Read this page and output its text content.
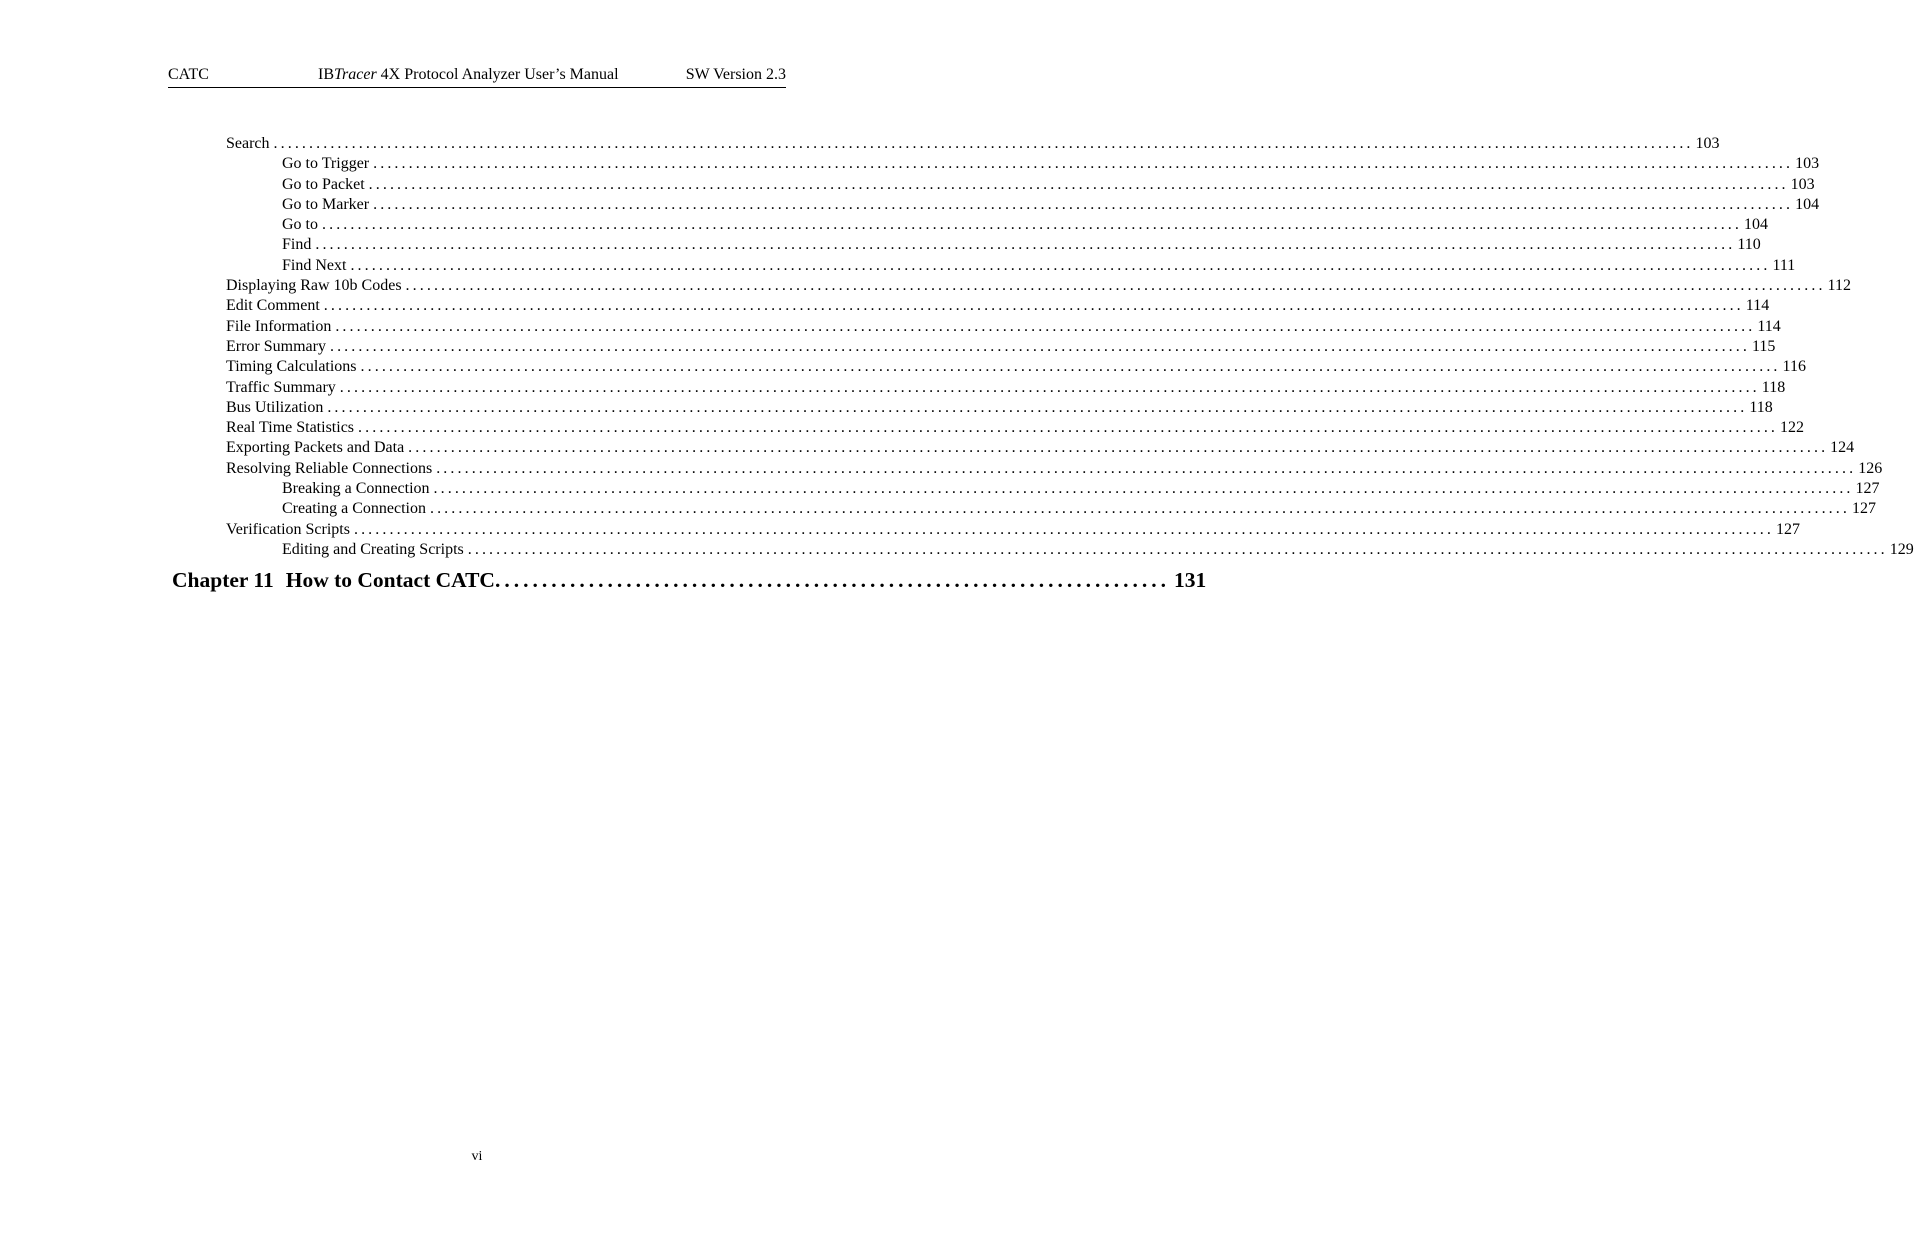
CATC	IBTracer 4X Protocol Analyzer User’s Manual	SW Version 2.3
Search ........................................................................................................................................................................................................ 103
Go to Trigger ........................................................................................................................................................................................................ 103
Go to Packet ........................................................................................................................................................................................................ 103
Go to Marker ........................................................................................................................................................................................................ 104
Go to ........................................................................................................................................................................................................ 104
Find ........................................................................................................................................................................................................ 110
Find Next ........................................................................................................................................................................................................ 111
Displaying Raw 10b Codes ........................................................................................................................................................................................................ 112
Edit Comment ........................................................................................................................................................................................................ 114
File Information ........................................................................................................................................................................................................ 114
Error Summary ........................................................................................................................................................................................................ 115
Timing Calculations ........................................................................................................................................................................................................ 116
Traffic Summary ........................................................................................................................................................................................................ 118
Bus Utilization ........................................................................................................................................................................................................ 118
Real Time Statistics ........................................................................................................................................................................................................ 122
Exporting Packets and Data ........................................................................................................................................................................................................ 124
Resolving Reliable Connections ........................................................................................................................................................................................................ 126
Breaking a Connection ........................................................................................................................................................................................................ 127
Creating a Connection ........................................................................................................................................................................................................ 127
Verification Scripts ........................................................................................................................................................................................................ 127
Editing and Creating Scripts ........................................................................................................................................................................................................ 129
Chapter 11 How to Contact CATC ........................................................................ 131
vi
